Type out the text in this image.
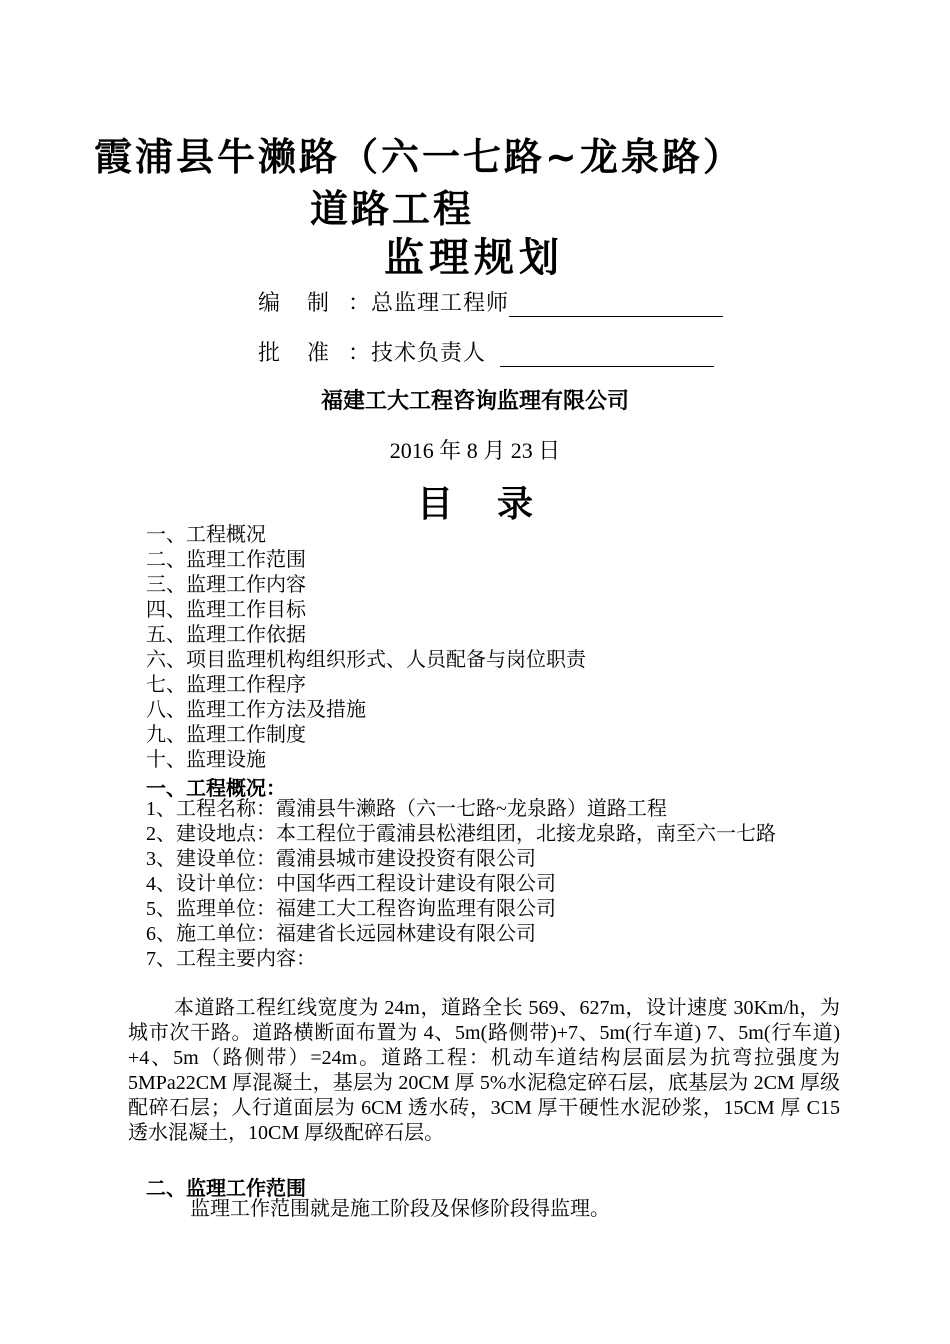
霞浦县牛濑路（六一七路~龙泉路）
道路工程
监理规划
编 制 ：总监理工程师
批 准 ：技术负责人
福建工大工程咨询监理有限公司
2016 年 8 月 23 日
目录
一、工程概况
二、监理工作范围
三、监理工作内容
四、监理工作目标
五、监理工作依据
六、项目监理机构组织形式、人员配备与岗位职责
七、监理工作程序
八、监理工作方法及措施
九、监理工作制度
十、监理设施
一、工程概况：
1、工程名称：霞浦县牛濑路（六一七路~龙泉路）道路工程
2、建设地点：本工程位于霞浦县松港组团，北接龙泉路，南至六一七路
3、建设单位：霞浦县城市建设投资有限公司
4、设计单位：中国华西工程设计建设有限公司
5、监理单位：福建工大工程咨询监理有限公司
6、施工单位：福建省长远园林建设有限公司
7、工程主要内容：
本道路工程红线宽度为 24m，道路全长 569、627m，设计速度 30Km/h，为城市次干路。道路横断面布置为 4、5m(路侧带)+7、5m(行车道) 7、5m(行车道) +4、5m（路侧带）=24m。道路工程：机动车道结构层面层为抗弯拉强度为 5MPa22CM 厚混凝土，基层为 20CM 厚 5%水泥稳定碎石层，底基层为 2CM 厚级配碎石层；人行道面层为 6CM 透水砖，3CM 厚干硬性水泥砂浆，15CM 厚 C15 透水混凝土，10CM 厚级配碎石层。
二、监理工作范围
监理工作范围就是施工阶段及保修阶段得监理。
